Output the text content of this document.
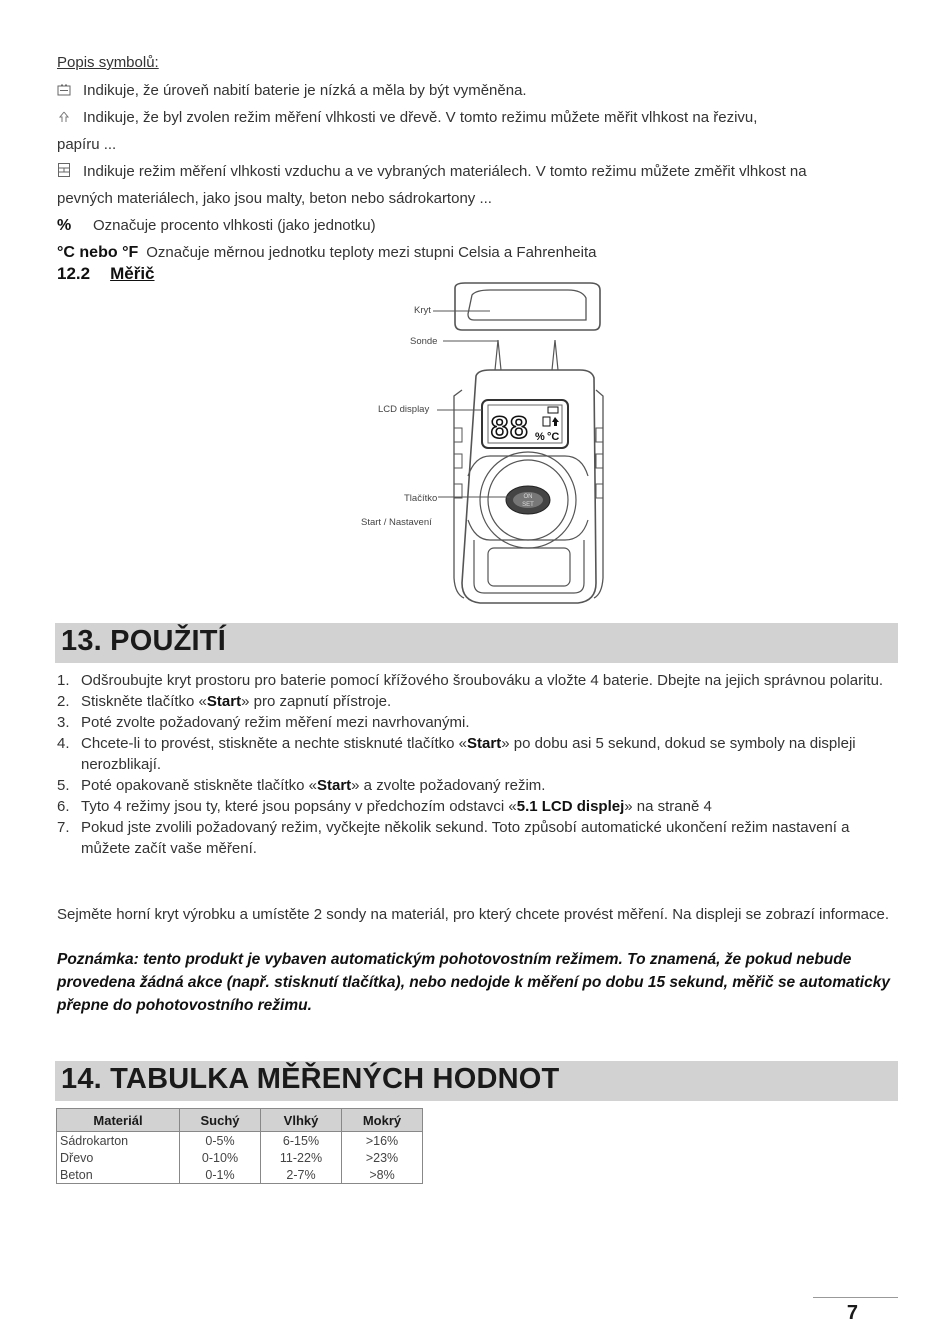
Popis symbolů:
Indikuje, že úroveň nabití baterie je nízká a měla by být vyměněna.
Indikuje, že byl zvolen režim měření vlhkosti ve dřevě. V tomto režimu můžete měřit vlhkost na řezivu,
papíru ...
Indikuje režim měření vlhkosti vzduchu a ve vybraných materiálech. V tomto režimu můžete změřit vlhkost na
pevných materiálech, jako jsou malty, beton nebo sádrokartony ...
% Označuje procento vlhkosti (jako jednotku)
°C nebo °F Označuje měrnou jednotku teploty mezi stupni Celsia a Fahrenheita
12.2 Měřič
88 % °C
ON
SET
Kryt
Sonde
LCD display
Tlačítko
Start / Nastavení
13. POUŽITÍ
1. Odšroubujte kryt prostoru pro baterie pomocí křížového šroubováku a vložte 4 baterie. Dbejte na jejich správnou polaritu.
2. Stiskněte tlačítko «Start» pro zapnutí přístroje.
3. Poté zvolte požadovaný režim měření mezi navrhovanými.
4. Chcete-li to provést, stiskněte a nechte stisknuté tlačítko «Start» po dobu asi 5 sekund, dokud se symboly na displeji nerozblikají.
5. Poté opakovaně stiskněte tlačítko «Start» a zvolte požadovaný režim.
6. Tyto 4 režimy jsou ty, které jsou popsány v předchozím odstavci «5.1 LCD displej» na straně 4
7. Pokud jste zvolili požadovaný režim, vyčkejte několik sekund. Toto způsobí automatické ukončení režim nastavení a můžete začít vaše měření.
Sejměte horní kryt výrobku a umístěte 2 sondy na materiál, pro který chcete provést měření. Na displeji se zobrazí informace.
Poznámka: tento produkt je vybaven automatickým pohotovostním režimem. To znamená, že pokud nebude provedena žádná akce (např. stisknutí tlačítka), nebo nedojde k měření po dobu 15 sekund, měřič se automaticky přepne do pohotovostního režimu.
14. TABULKA MĚŘENÝCH HODNOT
Materiál	Suchý	Vlhký	Mokrý
Sádrokarton	0-5%	6-15%	>16%
Dřevo	0-10%	11-22%	>23%
Beton	0-1%	2-7%	>8%
7
